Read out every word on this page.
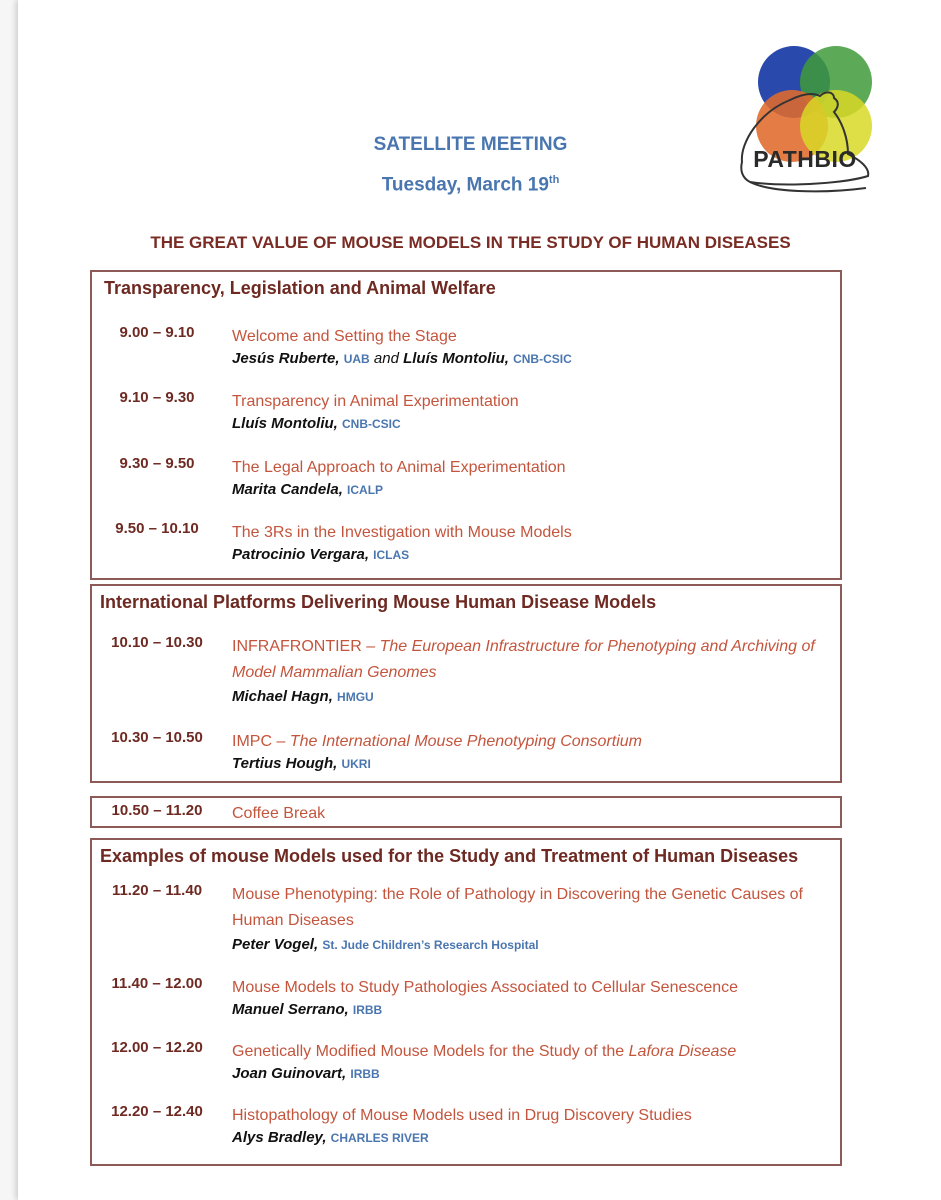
PATHBIO
SATELLITE MEETING
Tuesday, March 19th
THE GREAT VALUE OF MOUSE MODELS IN THE STUDY OF HUMAN DISEASES
Transparency, Legislation and Animal Welfare
9.00 – 9.10	Welcome and Setting the Stage
Jesús Ruberte, UAB and Lluís Montoliu, CNB-CSIC
9.10 – 9.30	Transparency in Animal Experimentation
Lluís Montoliu, CNB-CSIC
9.30 – 9.50	The Legal Approach to Animal Experimentation
Marita Candela, ICALP
9.50 – 10.10	The 3Rs in the Investigation with Mouse Models
Patrocinio Vergara, ICLAS
International Platforms Delivering Mouse Human Disease Models
10.10 – 10.30	INFRAFRONTIER – The European Infrastructure for Phenotyping and Archiving of Model Mammalian Genomes
Michael Hagn, HMGU
10.30 – 10.50	IMPC – The International Mouse Phenotyping Consortium
Tertius Hough, UKRI
10.50 – 11.20	Coffee Break
Examples of mouse Models used for the Study and Treatment of Human Diseases
11.20 – 11.40	Mouse Phenotyping: the Role of Pathology in Discovering the Genetic Causes of Human Diseases
Peter Vogel, St. Jude Children’s Research Hospital
11.40 – 12.00	Mouse Models to Study Pathologies Associated to Cellular Senescence
Manuel Serrano, IRBB
12.00 – 12.20	Genetically Modified Mouse Models for the Study of the Lafora Disease
Joan Guinovart, IRBB
12.20 – 12.40	Histopathology of Mouse Models used in Drug Discovery Studies
Alys Bradley, CHARLES RIVER
